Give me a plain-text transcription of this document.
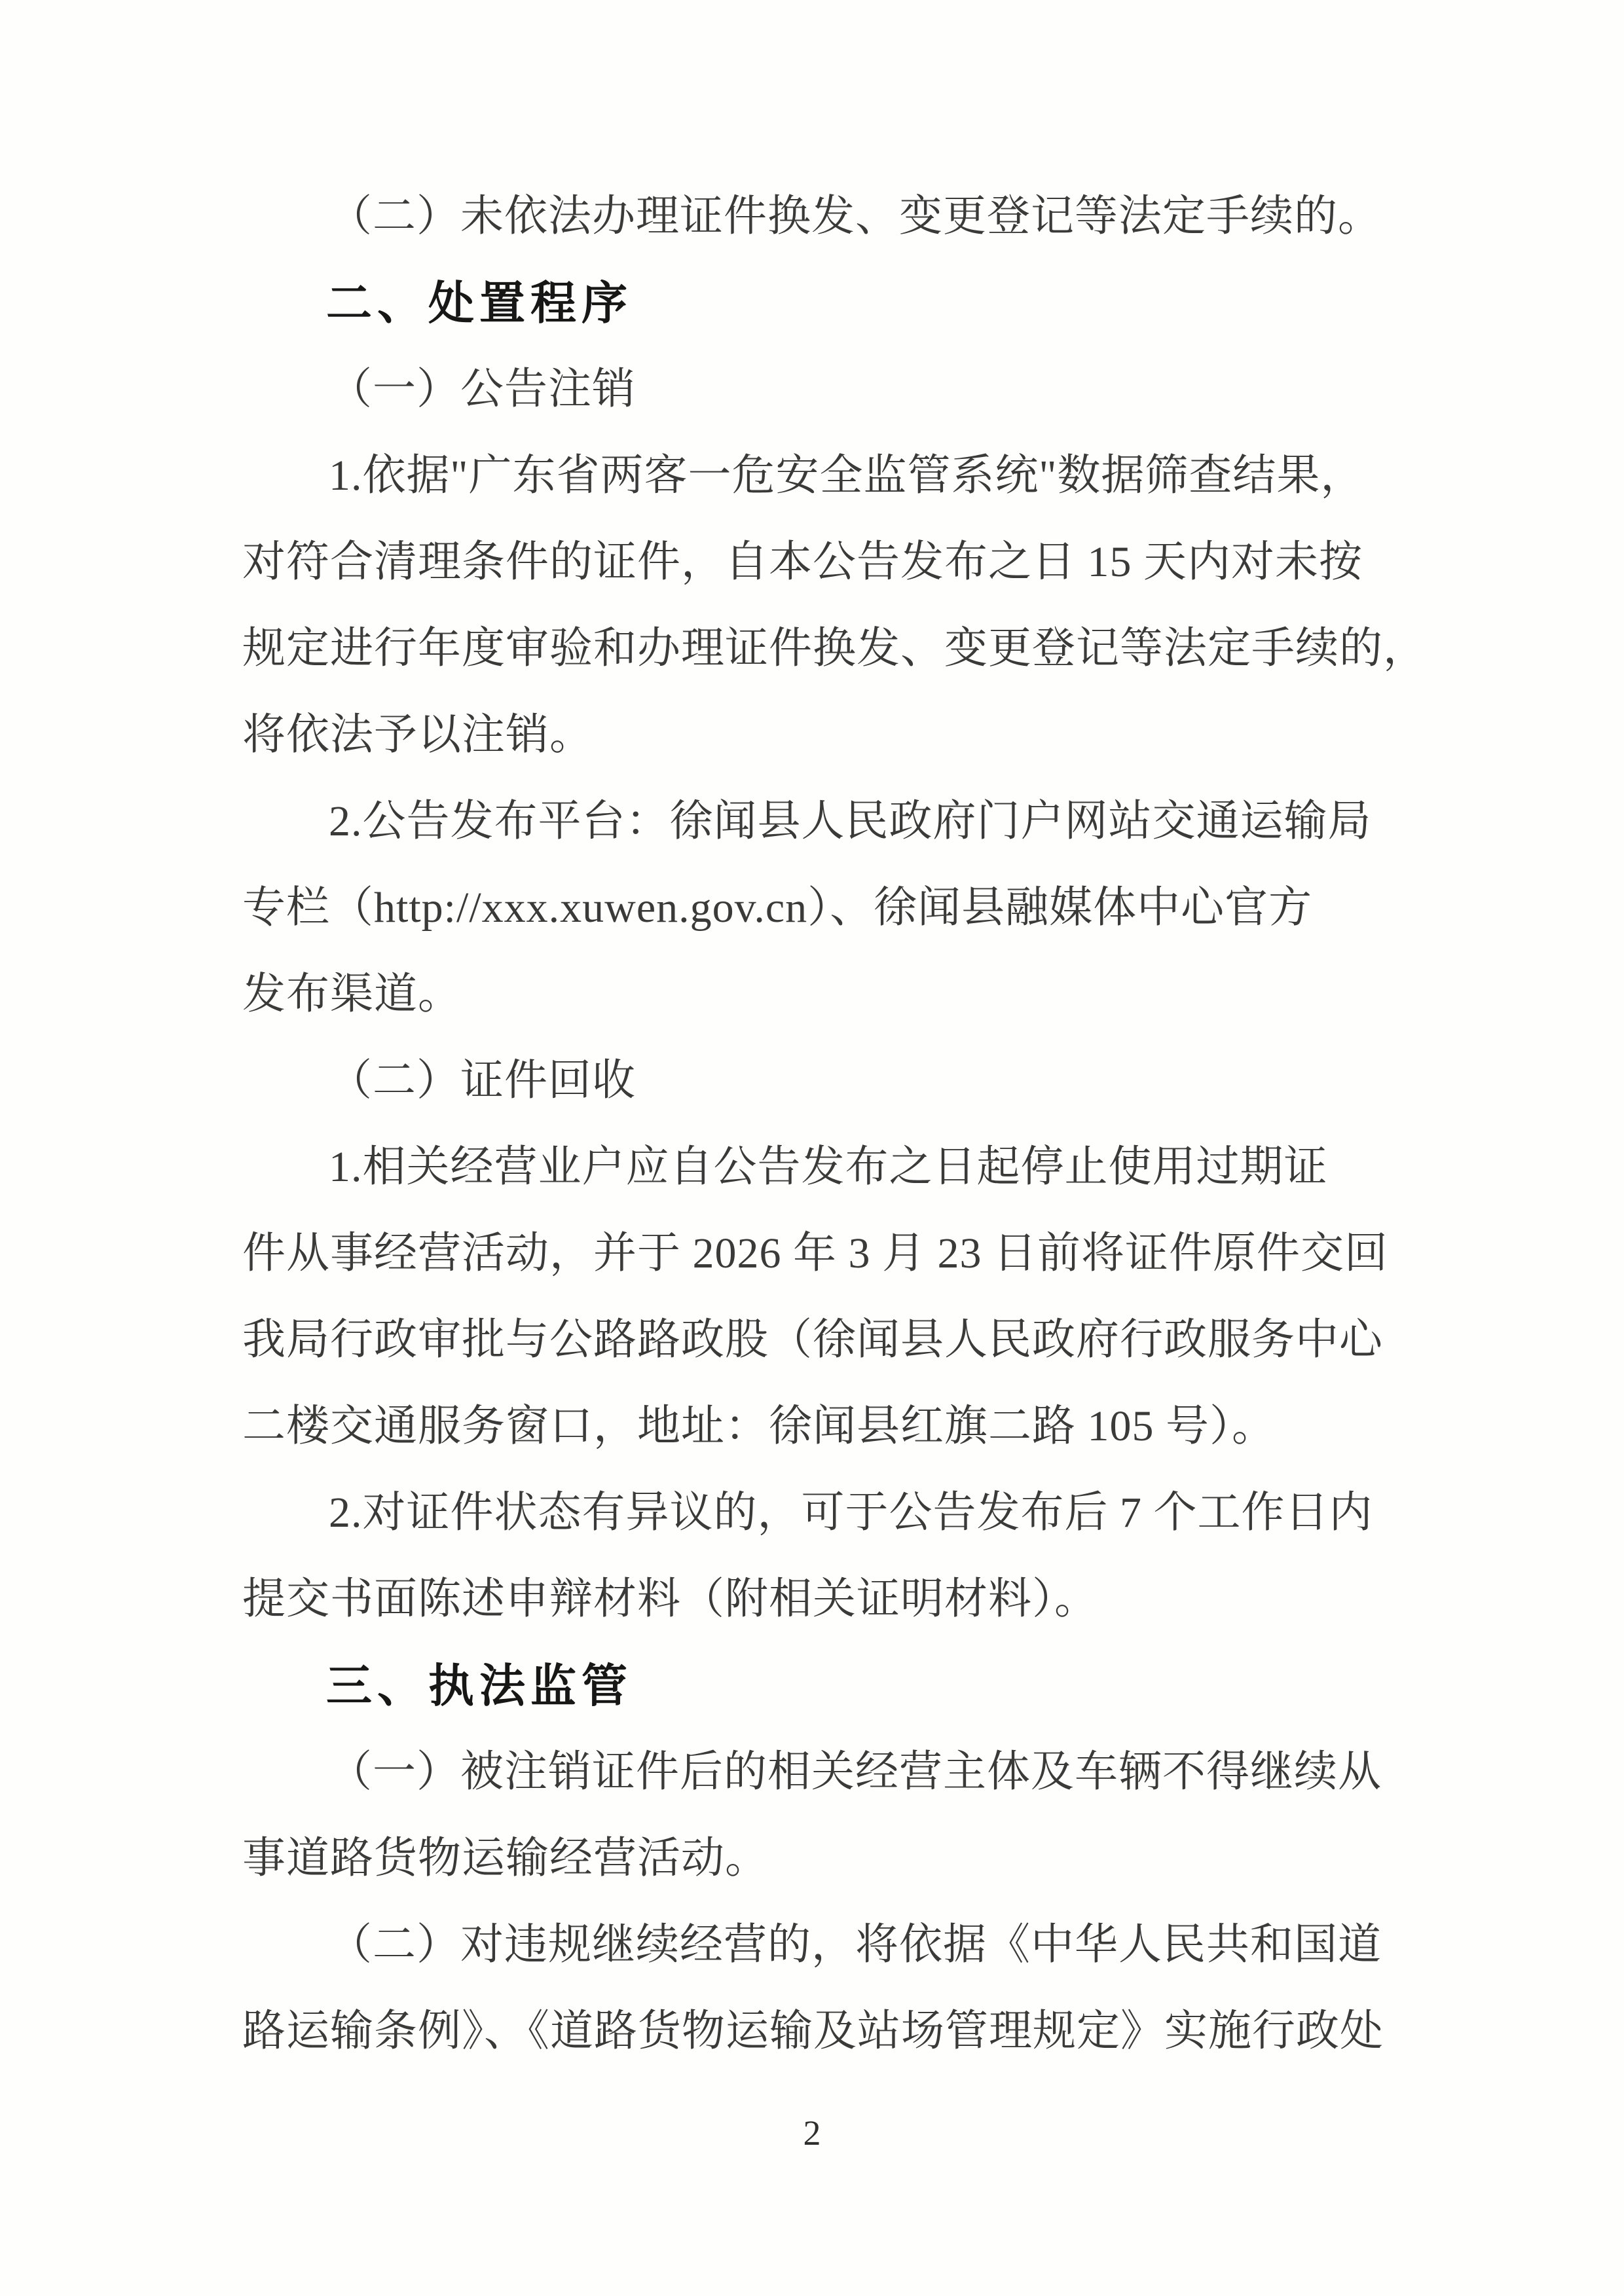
（二）未依法办理证件换发、变更登记等法定手续的。
二、处置程序
（一）公告注销
1.依据"广东省两客一危安全监管系统"数据筛查结果，
对符合清理条件的证件，自本公告发布之日 15 天内对未按
规定进行年度审验和办理证件换发、变更登记等法定手续的，
将依法予以注销。
2.公告发布平台：徐闻县人民政府门户网站交通运输局
专栏（http://xxx.xuwen.gov.cn）、徐闻县融媒体中心官方
发布渠道。
（二）证件回收
1.相关经营业户应自公告发布之日起停止使用过期证
件从事经营活动，并于 2026 年 3 月 23 日前将证件原件交回
我局行政审批与公路路政股（徐闻县人民政府行政服务中心
二楼交通服务窗口，地址：徐闻县红旗二路 105 号）。
2.对证件状态有异议的，可于公告发布后 7 个工作日内
提交书面陈述申辩材料（附相关证明材料）。
三、执法监管
（一）被注销证件后的相关经营主体及车辆不得继续从
事道路货物运输经营活动。
（二）对违规继续经营的，将依据《中华人民共和国道
路运输条例》、《道路货物运输及站场管理规定》实施行政处
2
